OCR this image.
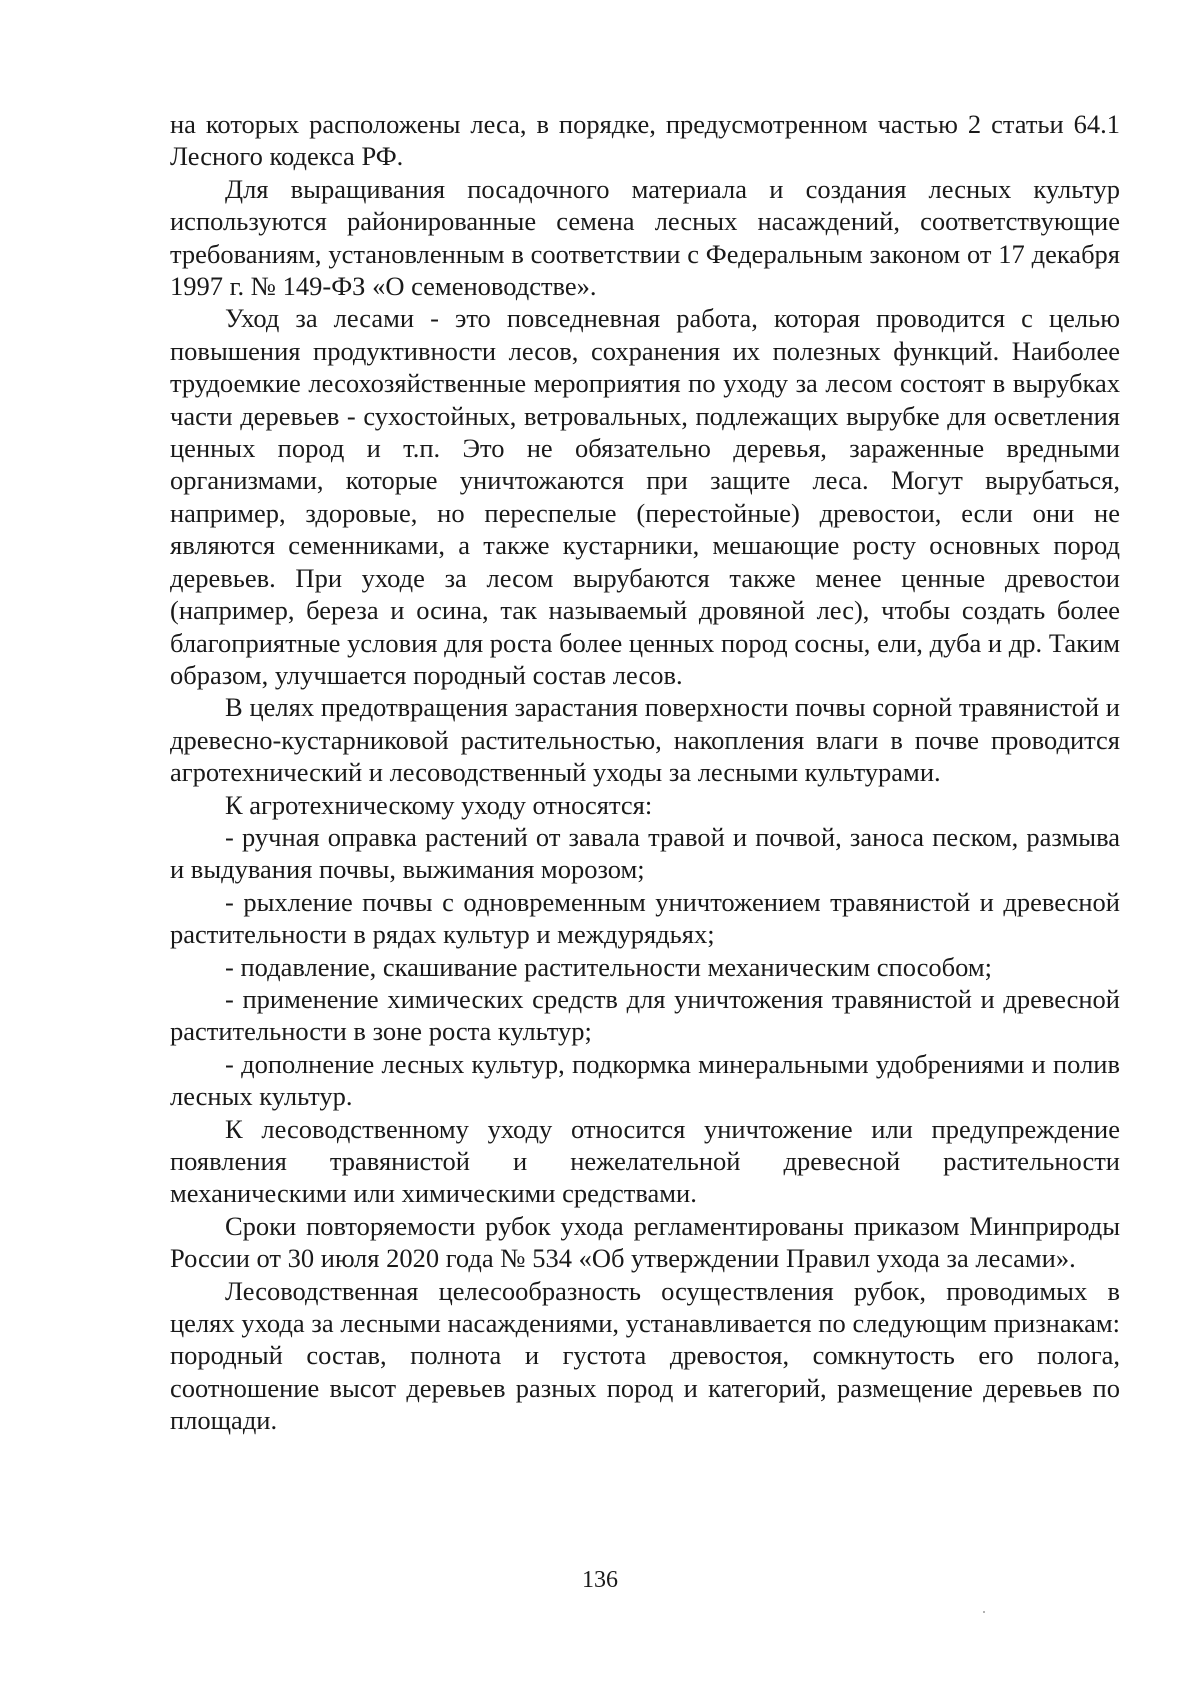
на которых расположены леса, в порядке, предусмотренном частью 2 статьи 64.1 Лесного кодекса РФ.

Для выращивания посадочного материала и создания лесных культур используются районированные семена лесных насаждений, соответствующие требованиям, установленным в соответствии с Федеральным законом от 17 декабря 1997 г. № 149-ФЗ «О семеноводстве».

Уход за лесами - это повседневная работа, которая проводится с целью повышения продуктивности лесов, сохранения их полезных функций. Наиболее трудоемкие лесохозяйственные мероприятия по уходу за лесом состоят в вырубках части деревьев - сухостойных, ветровальных, подлежащих вырубке для осветления ценных пород и т.п. Это не обязательно деревья, зараженные вредными организмами, которые уничтожаются при защите леса. Могут вырубаться, например, здоровые, но переспелые (перестойные) древостои, если они не являются семенниками, а также кустарники, мешающие росту основных пород деревьев. При уходе за лесом вырубаются также менее ценные древостои (например, береза и осина, так называемый дровяной лес), чтобы создать более благоприятные условия для роста более ценных пород сосны, ели, дуба и др. Таким образом, улучшается породный состав лесов.

В целях предотвращения зарастания поверхности почвы сорной травянистой и древесно-кустарниковой растительностью, накопления влаги в почве проводится агротехнический и лесоводственный уходы за лесными культурами.

К агротехническому уходу относятся:

- ручная оправка растений от завала травой и почвой, заноса песком, размыва и выдувания почвы, выжимания морозом;

- рыхление почвы с одновременным уничтожением травянистой и древесной растительности в рядах культур и междурядьях;

- подавление, скашивание растительности механическим способом;

- применение химических средств для уничтожения травянистой и древесной растительности в зоне роста культур;

- дополнение лесных культур, подкормка минеральными удобрениями и полив лесных культур.

К лесоводственному уходу относится уничтожение или предупреждение появления травянистой и нежелательной древесной растительности механическими или химическими средствами.

Сроки повторяемости рубок ухода регламентированы приказом Минприроды России от 30 июля 2020 года № 534 «Об утверждении Правил ухода за лесами».

Лесоводственная целесообразность осуществления рубок, проводимых в целях ухода за лесными насаждениями, устанавливается по следующим признакам: породный состав, полнота и густота древостоя, сомкнутость его полога, соотношение высот деревьев разных пород и категорий, размещение деревьев по площади.

136
